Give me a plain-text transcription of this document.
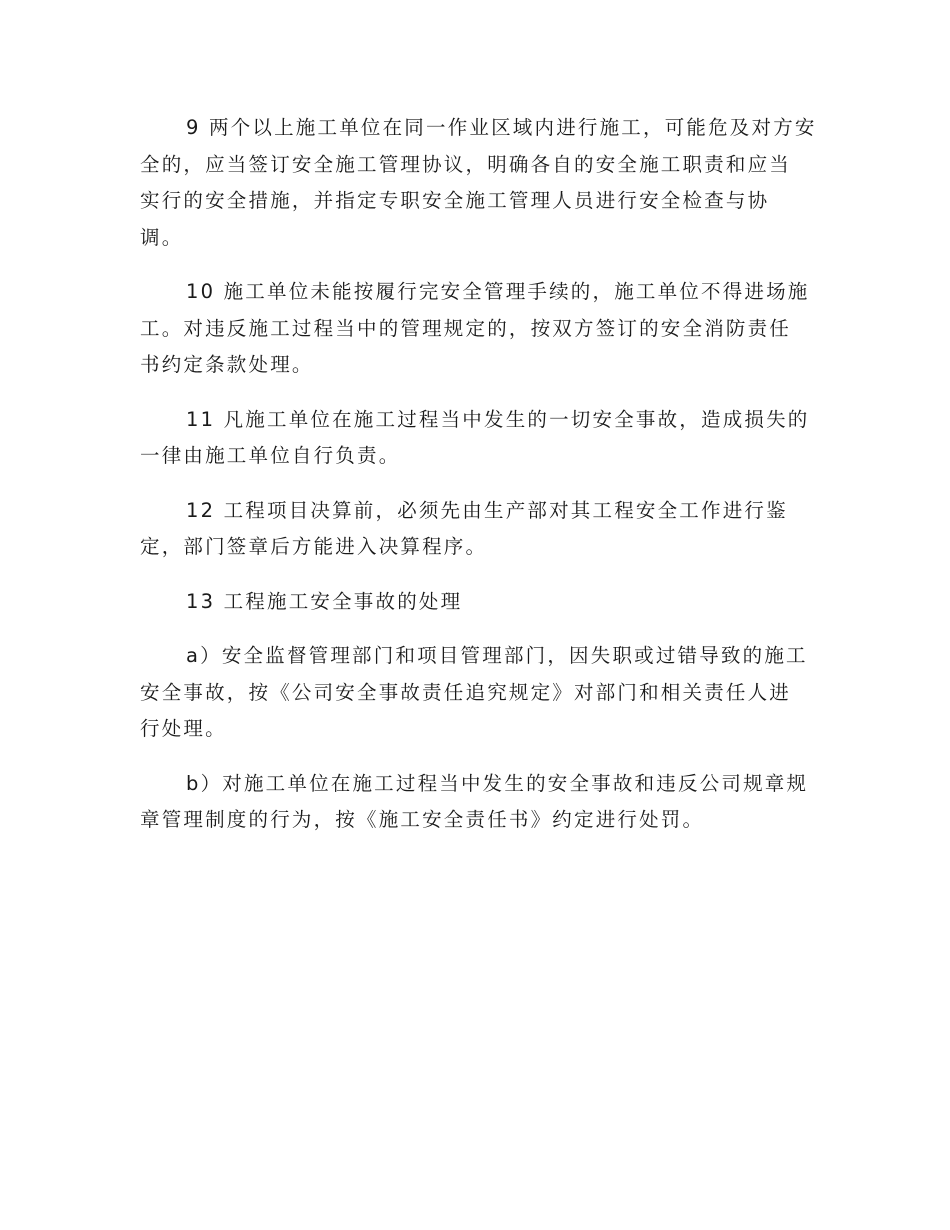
9 两个以上施工单位在同一作业区域内进行施工，可能危及对方安
全的，应当签订安全施工管理协议，明确各自的安全施工职责和应当
实行的安全措施，并指定专职安全施工管理人员进行安全检查与协
调。

10 施工单位未能按履行完安全管理手续的，施工单位不得进场施
工。对违反施工过程当中的管理规定的，按双方签订的安全消防责任
书约定条款处理。

11 凡施工单位在施工过程当中发生的一切安全事故，造成损失的
一律由施工单位自行负责。

12 工程项目决算前，必须先由生产部对其工程安全工作进行鉴
定，部门签章后方能进入决算程序。

13 工程施工安全事故的处理

a）安全监督管理部门和项目管理部门，因失职或过错导致的施工
安全事故，按《公司安全事故责任追究规定》对部门和相关责任人进
行处理。

b）对施工单位在施工过程当中发生的安全事故和违反公司规章规
章管理制度的行为，按《施工安全责任书》约定进行处罚。
